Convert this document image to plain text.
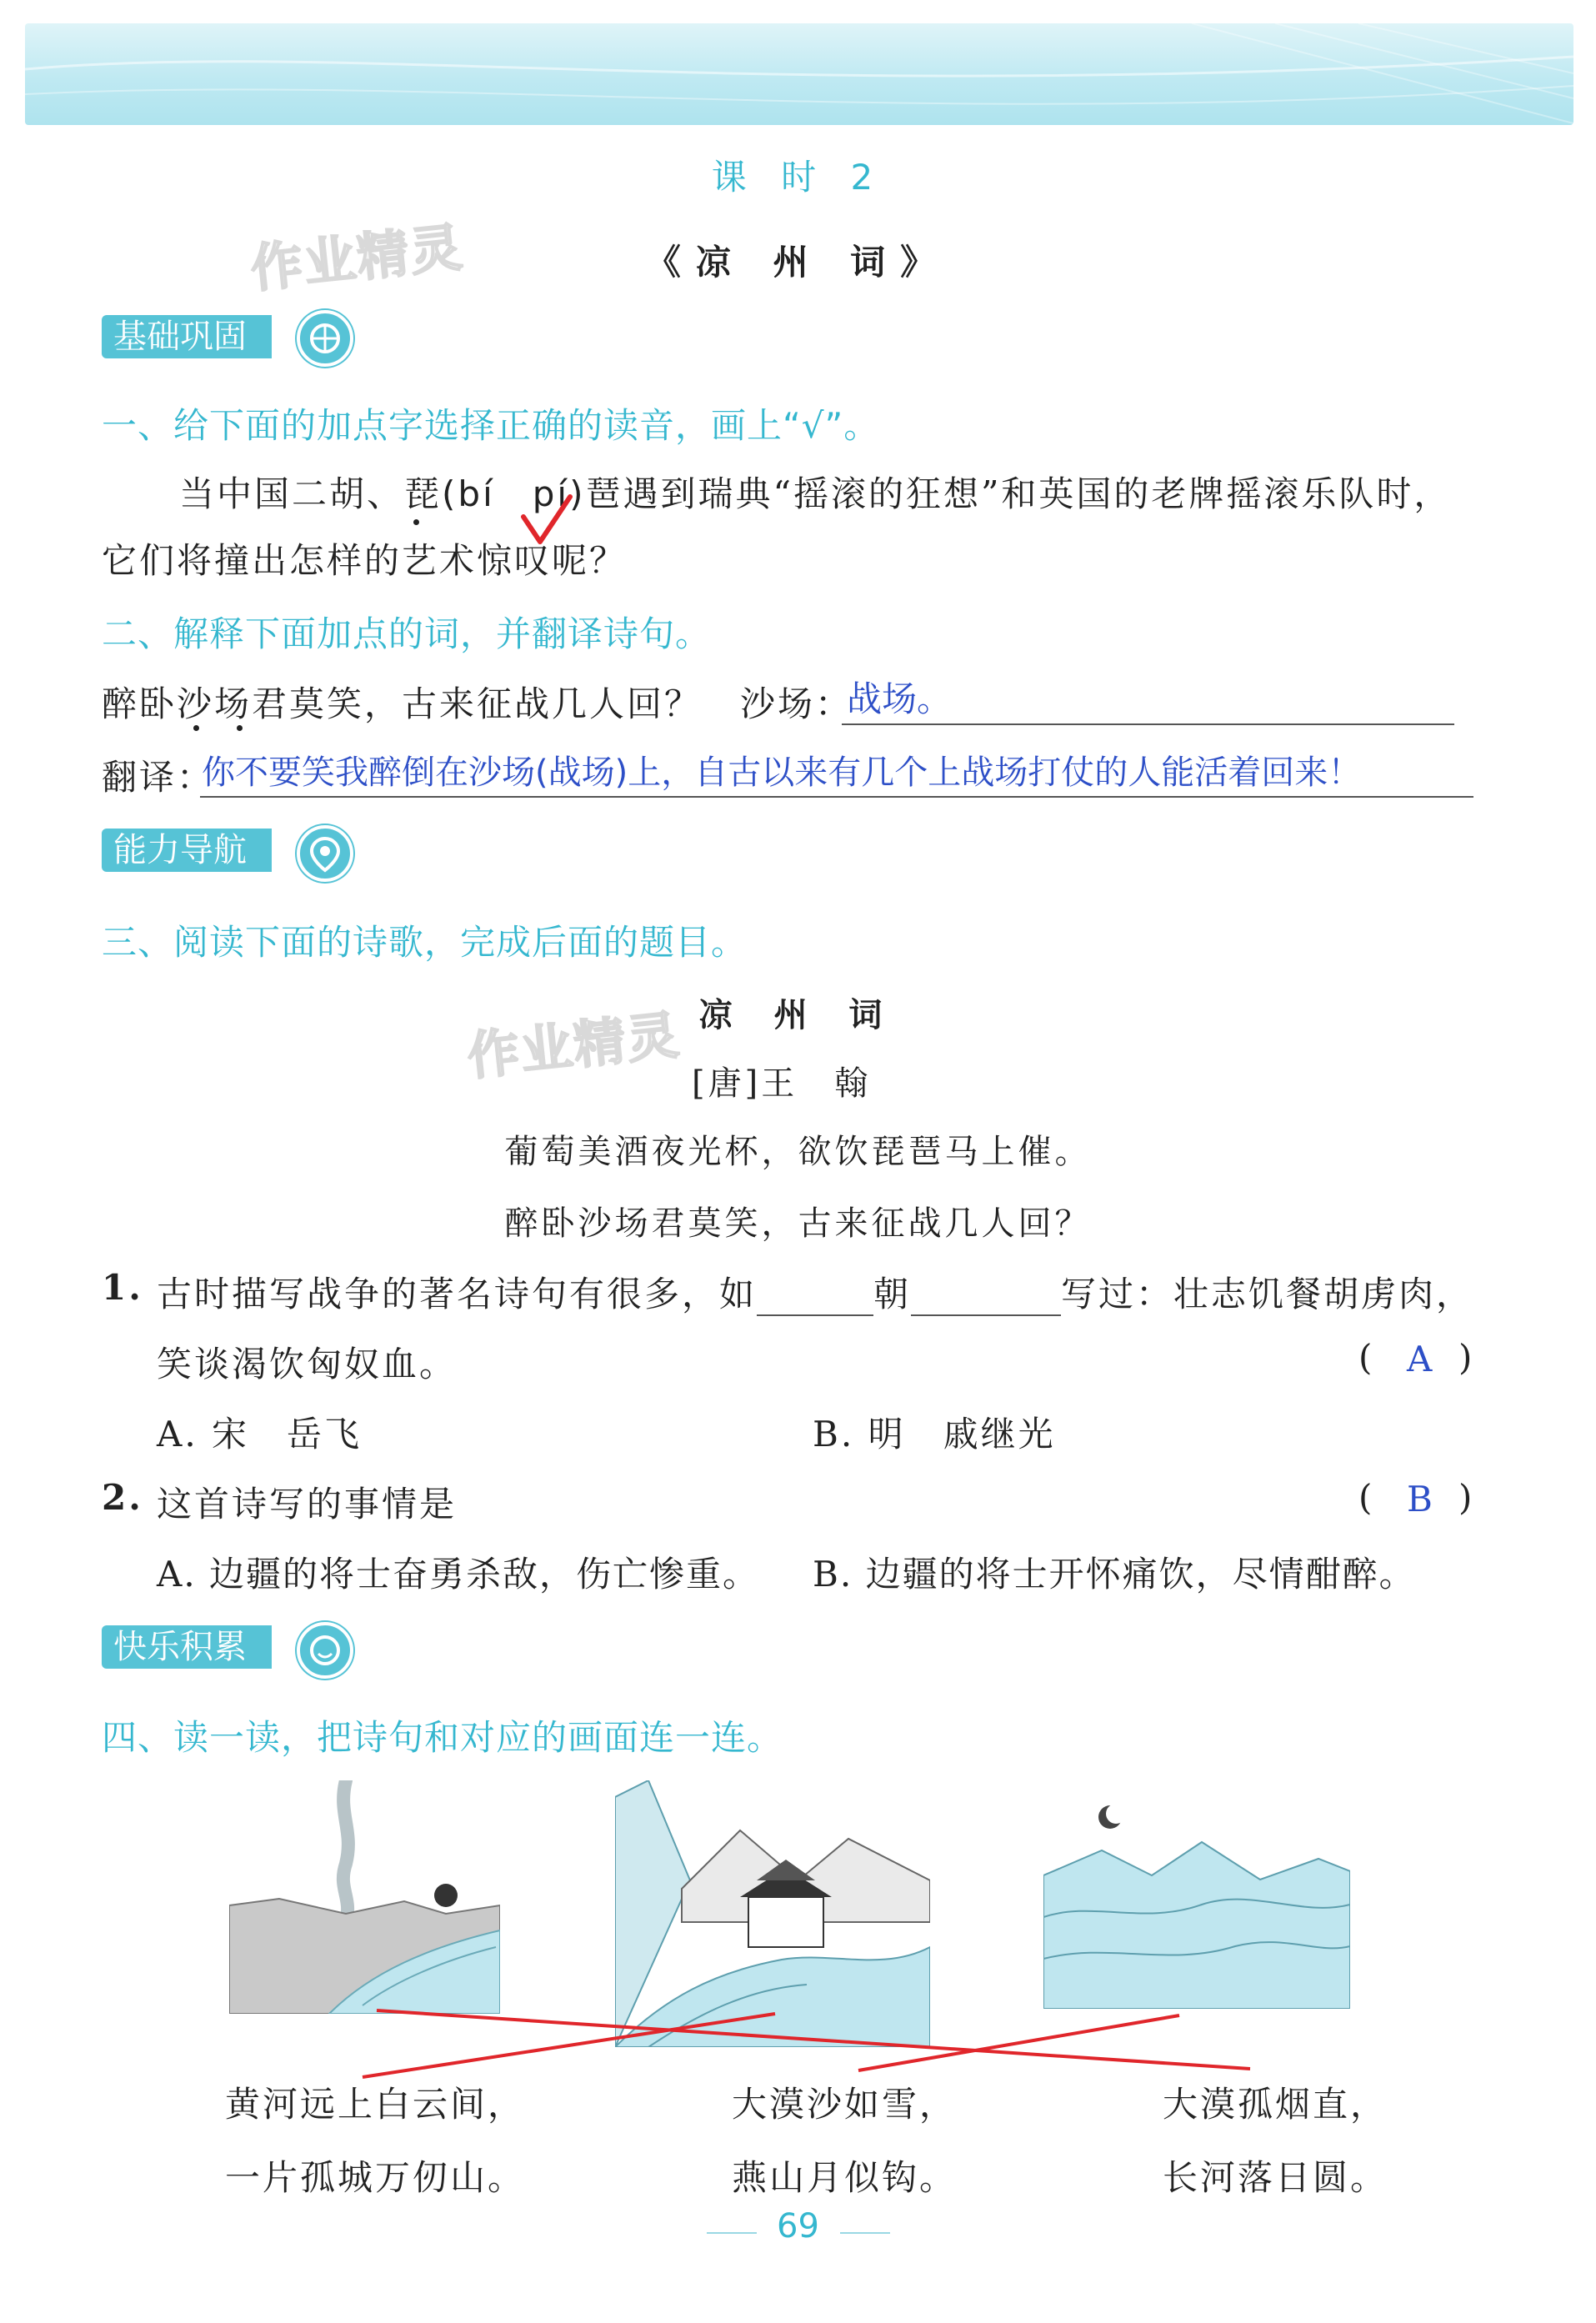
课 时 2
《凉 州 词》
作业精灵
作业精灵
基础巩固
一、给下面的加点字选择正确的读音，画上“√”。
当中国二胡、琵(bí　pí)琶遇到瑞典“摇滚的狂想”和英国的老牌摇滚乐队时，
它们将撞出怎样的艺术惊叹呢？
二、解释下面加点的词，并翻译诗句。
醉卧沙场君莫笑，古来征战几人回？ 沙场：
战场。
翻译：
你不要笑我醉倒在沙场(战场)上，自古以来有几个上战场打仗的人能活着回来！
能力导航
三、阅读下面的诗歌，完成后面的题目。
凉 州 词
[唐]王　翰
葡萄美酒夜光杯，欲饮琵琶马上催。
醉卧沙场君莫笑，古来征战几人回？
1. 古时描写战争的著名诗句有很多，如	朝	写过：壮志饥餐胡虏肉，
笑谈渴饮匈奴血。	( A )
A. 宋　岳飞	B. 明　戚继光
2. 这首诗写的事情是	( B )
A. 边疆的将士奋勇杀敌，伤亡惨重。 B. 边疆的将士开怀痛饮，尽情酣醉。
快乐积累
四、读一读，把诗句和对应的画面连一连。
黄河远上白云间，
一片孤城万仞山。
大漠沙如雪，
燕山月似钩。
大漠孤烟直，
长河落日圆。
69
